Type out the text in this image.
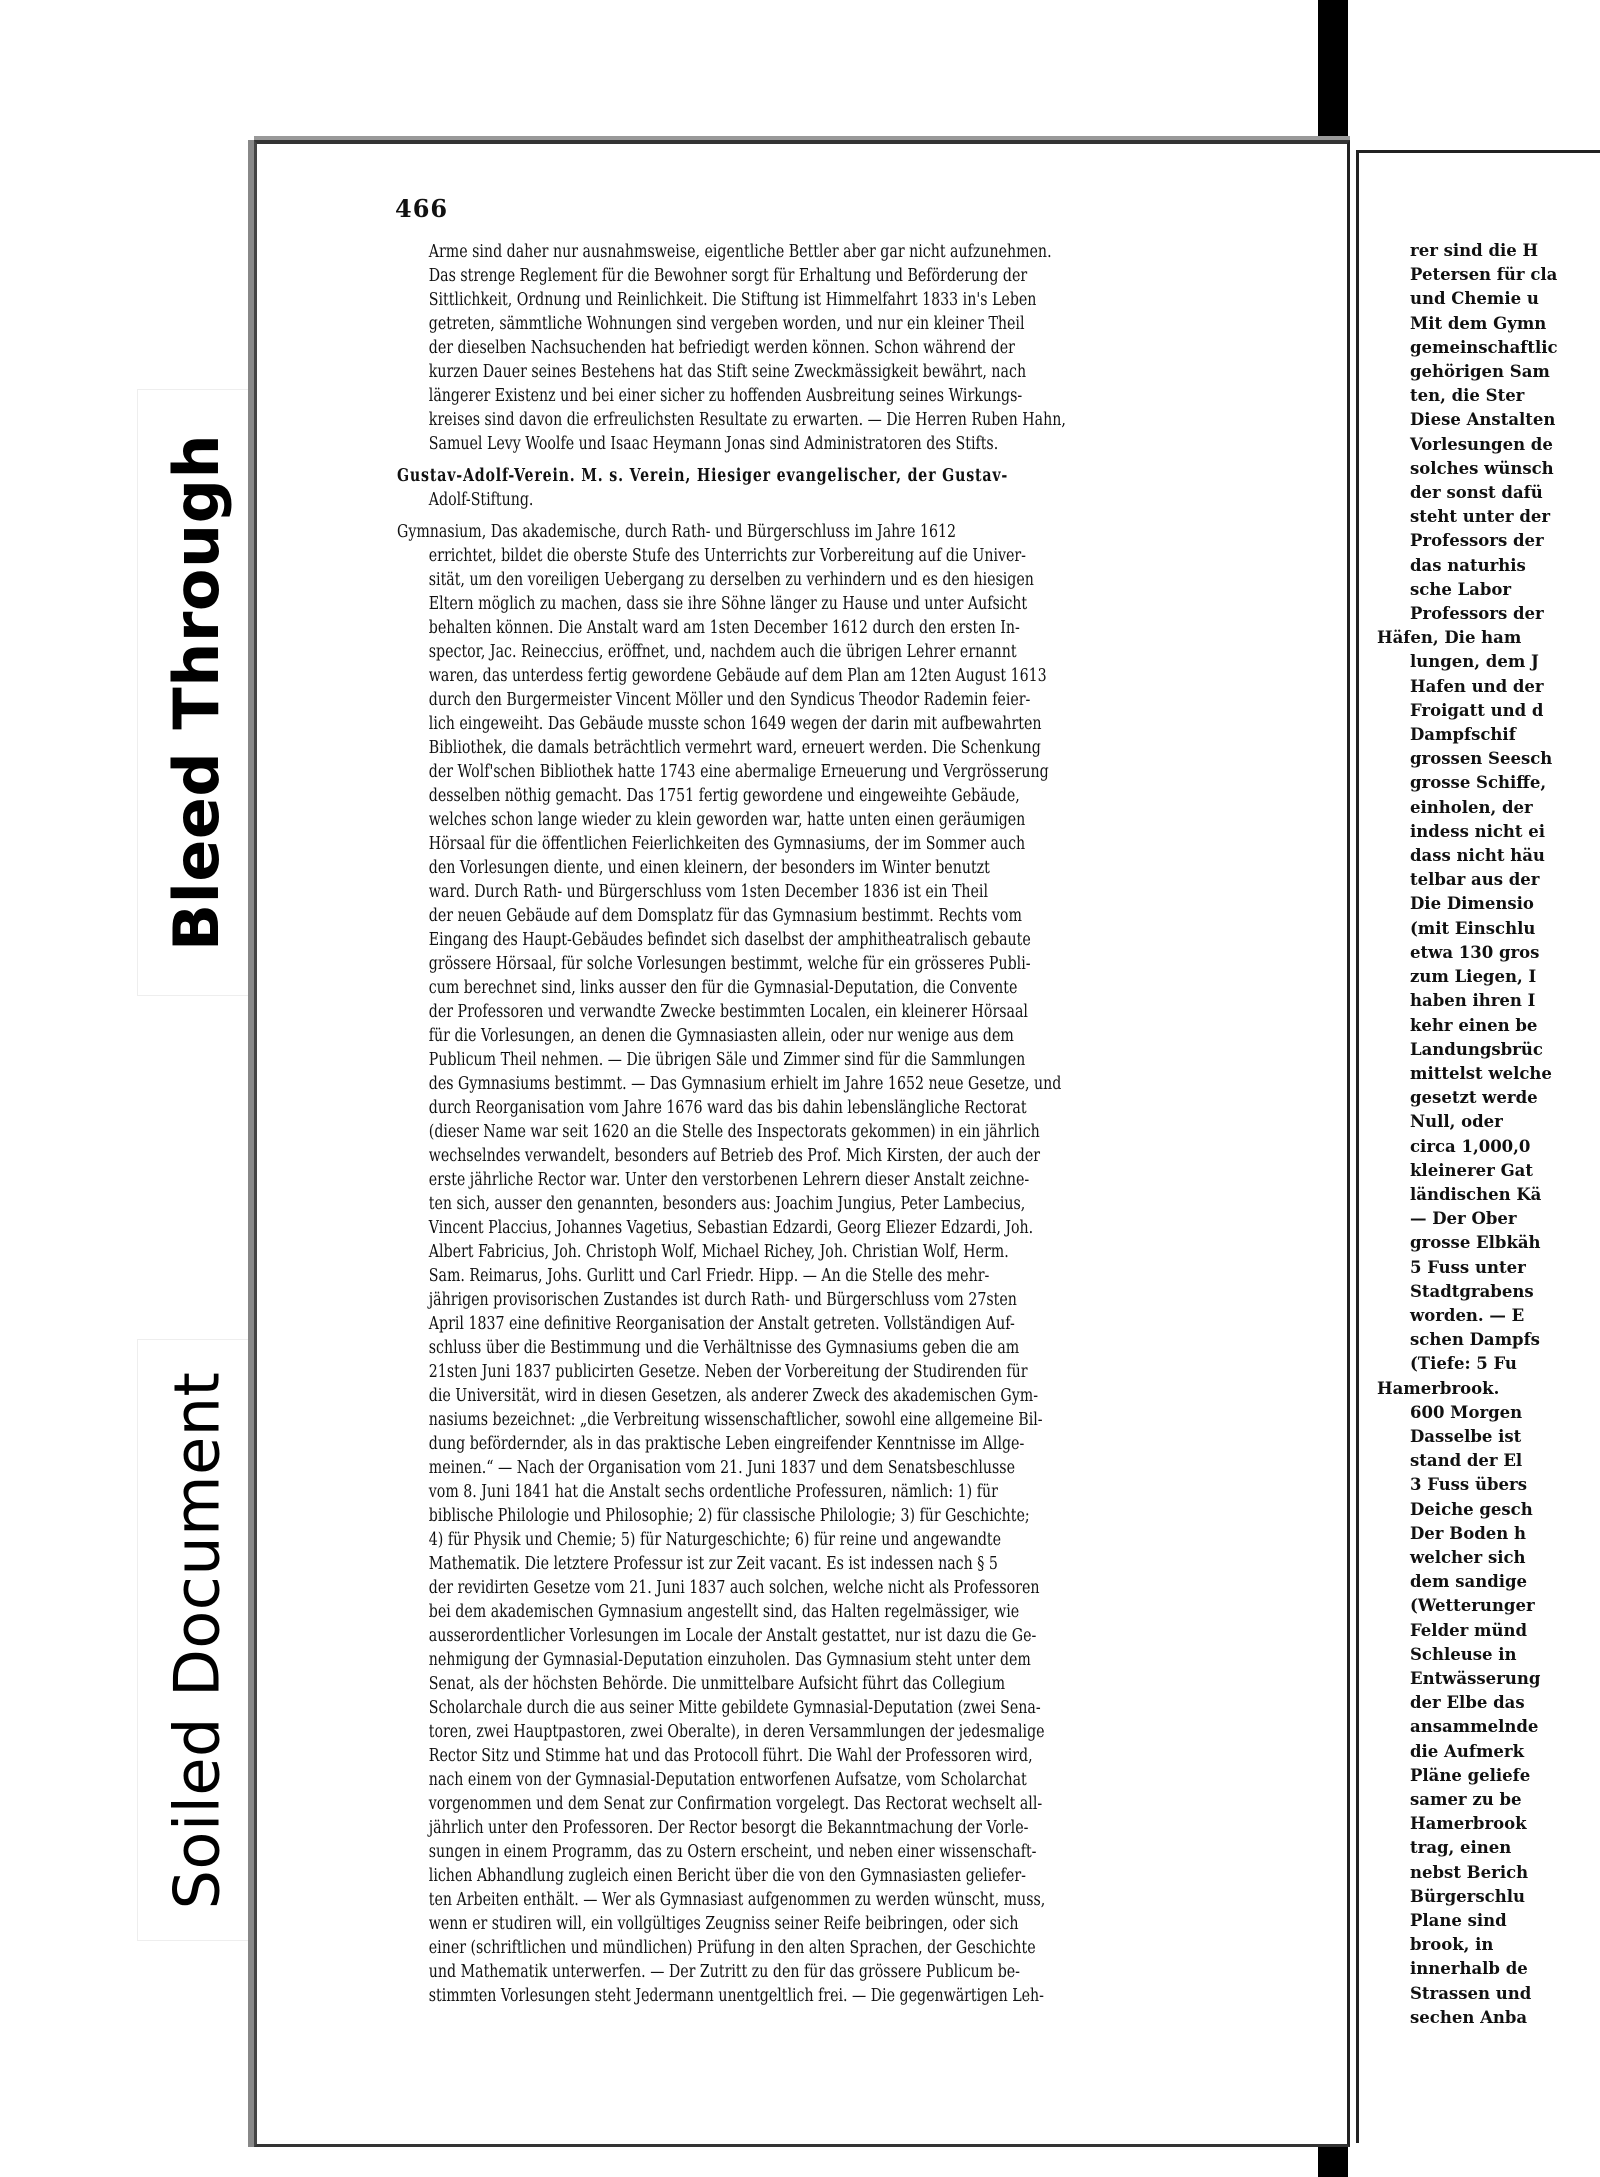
Bleed Through
Soiled Document
466

Arme sind daher nur ausnahmsweise, eigentliche Bettler aber gar nicht aufzunehmen.

Das strenge Reglement für die Bewohner sorgt für Erhaltung und Beförderung der

Sittlichkeit, Ordnung und Reinlichkeit. Die Stiftung ist Himmelfahrt 1833 in's Leben

getreten, sämmtliche Wohnungen sind vergeben worden, und nur ein kleiner Theil

der dieselben Nachsuchenden hat befriedigt werden können. Schon während der

kurzen Dauer seines Bestehens hat das Stift seine Zweckmässigkeit bewährt, nach

längerer Existenz und bei einer sicher zu hoffenden Ausbreitung seines Wirkungs-

kreises sind davon die erfreulichsten Resultate zu erwarten. — Die Herren Ruben Hahn,

Samuel Levy Woolfe und Isaac Heymann Jonas sind Administratoren des Stifts.

Gustav-Adolf-Verein. M. s. Verein, Hiesiger evangelischer, der Gustav-

Adolf-Stiftung.

Gymnasium, Das akademische, durch Rath- und Bürgerschluss im Jahre 1612

errichtet, bildet die oberste Stufe des Unterrichts zur Vorbereitung auf die Univer-

sität, um den voreiligen Uebergang zu derselben zu verhindern und es den hiesigen

Eltern möglich zu machen, dass sie ihre Söhne länger zu Hause und unter Aufsicht

behalten können. Die Anstalt ward am 1sten December 1612 durch den ersten In-

spector, Jac. Reineccius, eröffnet, und, nachdem auch die übrigen Lehrer ernannt

waren, das unterdess fertig gewordene Gebäude auf dem Plan am 12ten August 1613

durch den Burgermeister Vincent Möller und den Syndicus Theodor Rademin feier-

lich eingeweiht. Das Gebäude musste schon 1649 wegen der darin mit aufbewahrten

Bibliothek, die damals beträchtlich vermehrt ward, erneuert werden. Die Schenkung

der Wolf'schen Bibliothek hatte 1743 eine abermalige Erneuerung und Vergrösserung

desselben nöthig gemacht. Das 1751 fertig gewordene und eingeweihte Gebäude,

welches schon lange wieder zu klein geworden war, hatte unten einen geräumigen

Hörsaal für die öffentlichen Feierlichkeiten des Gymnasiums, der im Sommer auch

den Vorlesungen diente, und einen kleinern, der besonders im Winter benutzt

ward. Durch Rath- und Bürgerschluss vom 1sten December 1836 ist ein Theil

der neuen Gebäude auf dem Domsplatz für das Gymnasium bestimmt. Rechts vom

Eingang des Haupt-Gebäudes befindet sich daselbst der amphitheatralisch gebaute

grössere Hörsaal, für solche Vorlesungen bestimmt, welche für ein grösseres Publi-

cum berechnet sind, links ausser den für die Gymnasial-Deputation, die Convente

der Professoren und verwandte Zwecke bestimmten Localen, ein kleinerer Hörsaal

für die Vorlesungen, an denen die Gymnasiasten allein, oder nur wenige aus dem

Publicum Theil nehmen. — Die übrigen Säle und Zimmer sind für die Sammlungen

des Gymnasiums bestimmt. — Das Gymnasium erhielt im Jahre 1652 neue Gesetze, und

durch Reorganisation vom Jahre 1676 ward das bis dahin lebenslängliche Rectorat

(dieser Name war seit 1620 an die Stelle des Inspectorats gekommen) in ein jährlich

wechselndes verwandelt, besonders auf Betrieb des Prof. Mich Kirsten, der auch der

erste jährliche Rector war. Unter den verstorbenen Lehrern dieser Anstalt zeichne-

ten sich, ausser den genannten, besonders aus: Joachim Jungius, Peter Lambecius,

Vincent Placcius, Johannes Vagetius, Sebastian Edzardi, Georg Eliezer Edzardi, Joh.

Albert Fabricius, Joh. Christoph Wolf, Michael Richey, Joh. Christian Wolf, Herm.

Sam. Reimarus, Johs. Gurlitt und Carl Friedr. Hipp. — An die Stelle des mehr-

jährigen provisorischen Zustandes ist durch Rath- und Bürgerschluss vom 27sten

April 1837 eine definitive Reorganisation der Anstalt getreten. Vollständigen Auf-

schluss über die Bestimmung und die Verhältnisse des Gymnasiums geben die am

21sten Juni 1837 publicirten Gesetze. Neben der Vorbereitung der Studirenden für

die Universität, wird in diesen Gesetzen, als anderer Zweck des akademischen Gym-

nasiums bezeichnet: „die Verbreitung wissenschaftlicher, sowohl eine allgemeine Bil-

dung befördernder, als in das praktische Leben eingreifender Kenntnisse im Allge-

meinen.“ — Nach der Organisation vom 21. Juni 1837 und dem Senatsbeschlusse

vom 8. Juni 1841 hat die Anstalt sechs ordentliche Professuren, nämlich: 1) für

biblische Philologie und Philosophie; 2) für classische Philologie; 3) für Geschichte;

4) für Physik und Chemie; 5) für Naturgeschichte; 6) für reine und angewandte

Mathematik. Die letztere Professur ist zur Zeit vacant. Es ist indessen nach § 5

der revidirten Gesetze vom 21. Juni 1837 auch solchen, welche nicht als Professoren

bei dem akademischen Gymnasium angestellt sind, das Halten regelmässiger, wie

ausserordentlicher Vorlesungen im Locale der Anstalt gestattet, nur ist dazu die Ge-

nehmigung der Gymnasial-Deputation einzuholen. Das Gymnasium steht unter dem

Senat, als der höchsten Behörde. Die unmittelbare Aufsicht führt das Collegium

Scholarchale durch die aus seiner Mitte gebildete Gymnasial-Deputation (zwei Sena-

toren, zwei Hauptpastoren, zwei Oberalte), in deren Versammlungen der jedesmalige

Rector Sitz und Stimme hat und das Protocoll führt. Die Wahl der Professoren wird,

nach einem von der Gymnasial-Deputation entworfenen Aufsatze, vom Scholarchat

vorgenommen und dem Senat zur Confirmation vorgelegt. Das Rectorat wechselt all-

jährlich unter den Professoren. Der Rector besorgt die Bekanntmachung der Vorle-

sungen in einem Programm, das zu Ostern erscheint, und neben einer wissenschaft-

lichen Abhandlung zugleich einen Bericht über die von den Gymnasiasten geliefer-

ten Arbeiten enthält. — Wer als Gymnasiast aufgenommen zu werden wünscht, muss,

wenn er studiren will, ein vollgültiges Zeugniss seiner Reife beibringen, oder sich

einer (schriftlichen und mündlichen) Prüfung in den alten Sprachen, der Geschichte

und Mathematik unterwerfen. — Der Zutritt zu den für das grössere Publicum be-

stimmten Vorlesungen steht Jedermann unentgeltlich frei. — Die gegenwärtigen Leh-

rer sind die H
Petersen für cla
und Chemie u
Mit dem Gymn
gemeinschaftlic
gehörigen Sam
ten, die Ster
Diese Anstalten
Vorlesungen de
solches wünsch
der sonst dafü
steht unter der
Professors der
das naturhis
sche Labor
Professors der
Häfen, Die ham
lungen, dem J
Hafen und der
Froigatt und d
Dampfschif
grossen Seesch
grosse Schiffe,
einholen, der
indess nicht ei
dass nicht häu
telbar aus der
Die Dimensio
(mit Einschlu
etwa 130 gros
zum Liegen, I
haben ihren I
kehr einen be
Landungsbrüc
mittelst welche
gesetzt werde
Null, oder
circa 1,000,0
kleinerer Gat
ländischen Kä
— Der Ober
grosse Elbkäh
5 Fuss unter
Stadtgrabens
worden. — E
schen Dampfs
(Tiefe: 5 Fu
Hamerbrook.
600 Morgen
Dasselbe ist
stand der El
3 Fuss übers
Deiche gesch
Der Boden h
welcher sich
dem sandige
(Wetterunger
Felder münd
Schleuse in
Entwässerung
der Elbe das
ansammelnde
die Aufmerk
Pläne geliefe
samer zu be
Hamerbrook
trag, einen
nebst Berich
Bürgerschlu
Plane sind
brook, in
innerhalb de
Strassen und
sechen Anba
